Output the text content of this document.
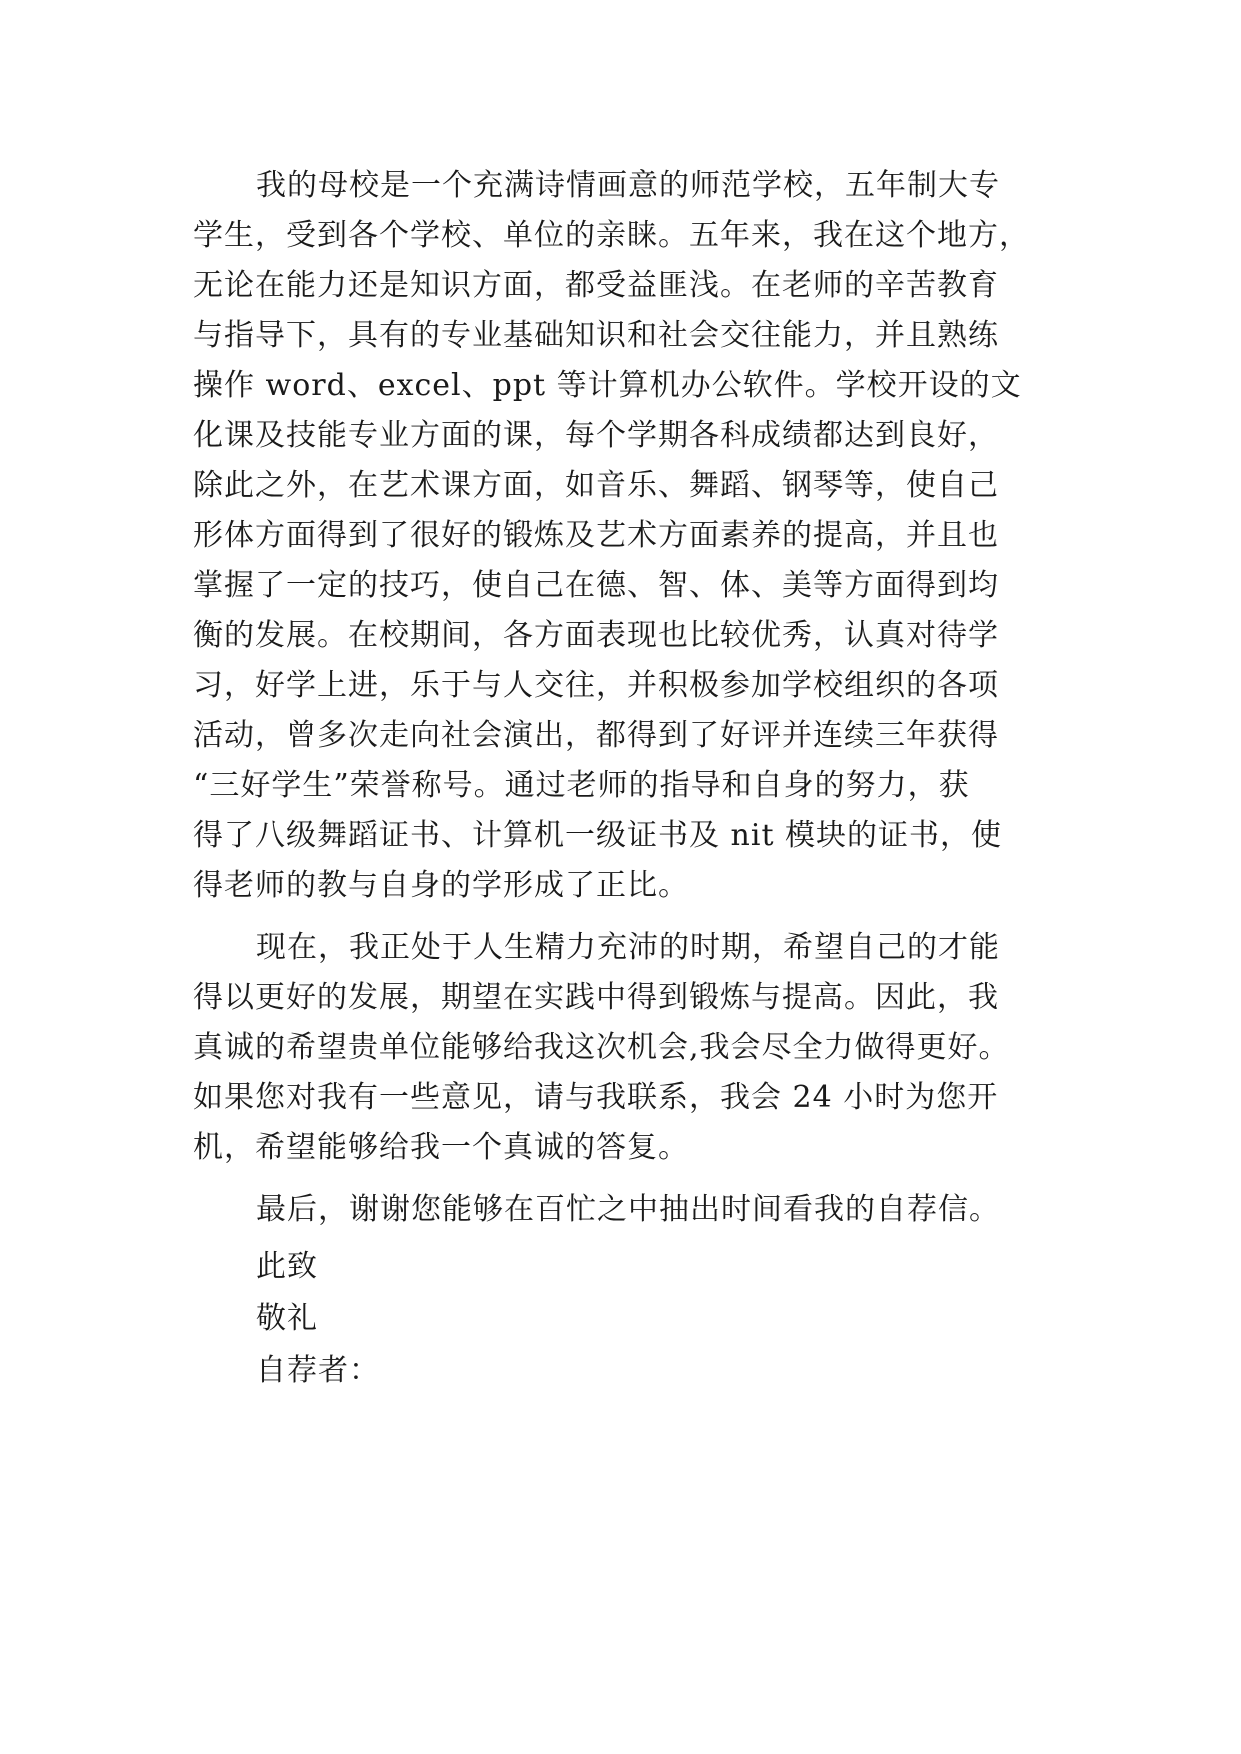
我的母校是一个充满诗情画意的师范学校，五年制大专
学生，受到各个学校、单位的亲睐。五年来，我在这个地方，
无论在能力还是知识方面，都受益匪浅。在老师的辛苦教育
与指导下，具有的专业基础知识和社会交往能力，并且熟练
操作 word、excel、ppt 等计算机办公软件。学校开设的文
化课及技能专业方面的课，每个学期各科成绩都达到良好，
除此之外，在艺术课方面，如音乐、舞蹈、钢琴等，使自己
形体方面得到了很好的锻炼及艺术方面素养的提高，并且也
掌握了一定的技巧，使自己在德、智、体、美等方面得到均
衡的发展。在校期间，各方面表现也比较优秀，认真对待学
习，好学上进，乐于与人交往，并积极参加学校组织的各项
活动，曾多次走向社会演出，都得到了好评并连续三年获得
“三好学生”荣誉称号。通过老师的指导和自身的努力，获
得了八级舞蹈证书、计算机一级证书及 nit 模块的证书，使
得老师的教与自身的学形成了正比。
现在，我正处于人生精力充沛的时期，希望自己的才能
得以更好的发展，期望在实践中得到锻炼与提高。因此，我
真诚的希望贵单位能够给我这次机会,我会尽全力做得更好。
如果您对我有一些意见，请与我联系，我会 24 小时为您开
机，希望能够给我一个真诚的答复。
最后，谢谢您能够在百忙之中抽出时间看我的自荐信。
此致
敬礼
自荐者：
